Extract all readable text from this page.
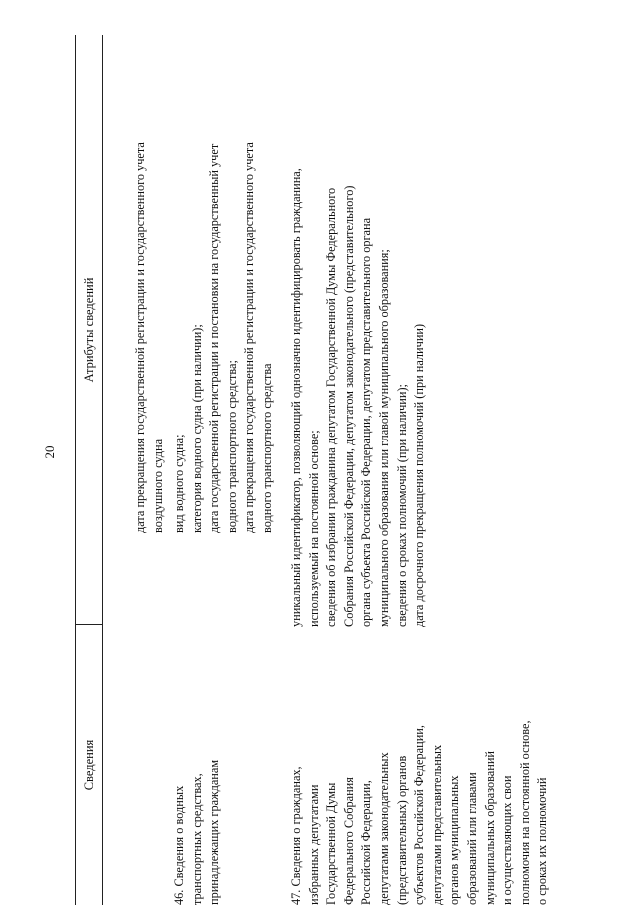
20
Сведения
Атрибуты сведений	дата прекращения государственной регистрации и государственного учета воздушного судна
46. Сведения о водных транспортных средствах, принадлежащих гражданам
вид водного судна; категория водного судна (при наличии); дата государственной регистрации и постановки на государственный учет водного транспортного средства; дата прекращения государственной регистрации и государственного учета водного транспортного средства
47. Сведения о гражданах, избранных депутатами Государственной Думы Федерального Собрания Российской Федерации, депутатами законодательных (представительных) органов субъектов Российской Федерации, депутатами представительных органов муниципальных образований или главами муниципальных образований и осуществляющих свои полномочия на постоянной основе, о сроках их полномочий
уникальный идентификатор, позволяющий однозначно идентифицировать гражданина, используемый на постоянной основе; сведения об избрании гражданина депутатом Государственной Думы Федерального Собрания Российской Федерации, депутатом законодательного (представительного) органа субъекта Российской Федерации, депутатом представительного органа муниципального образования или главой муниципального образования; сведения о сроках полномочий (при наличии); дата досрочного прекращения полномочий (при наличии)
